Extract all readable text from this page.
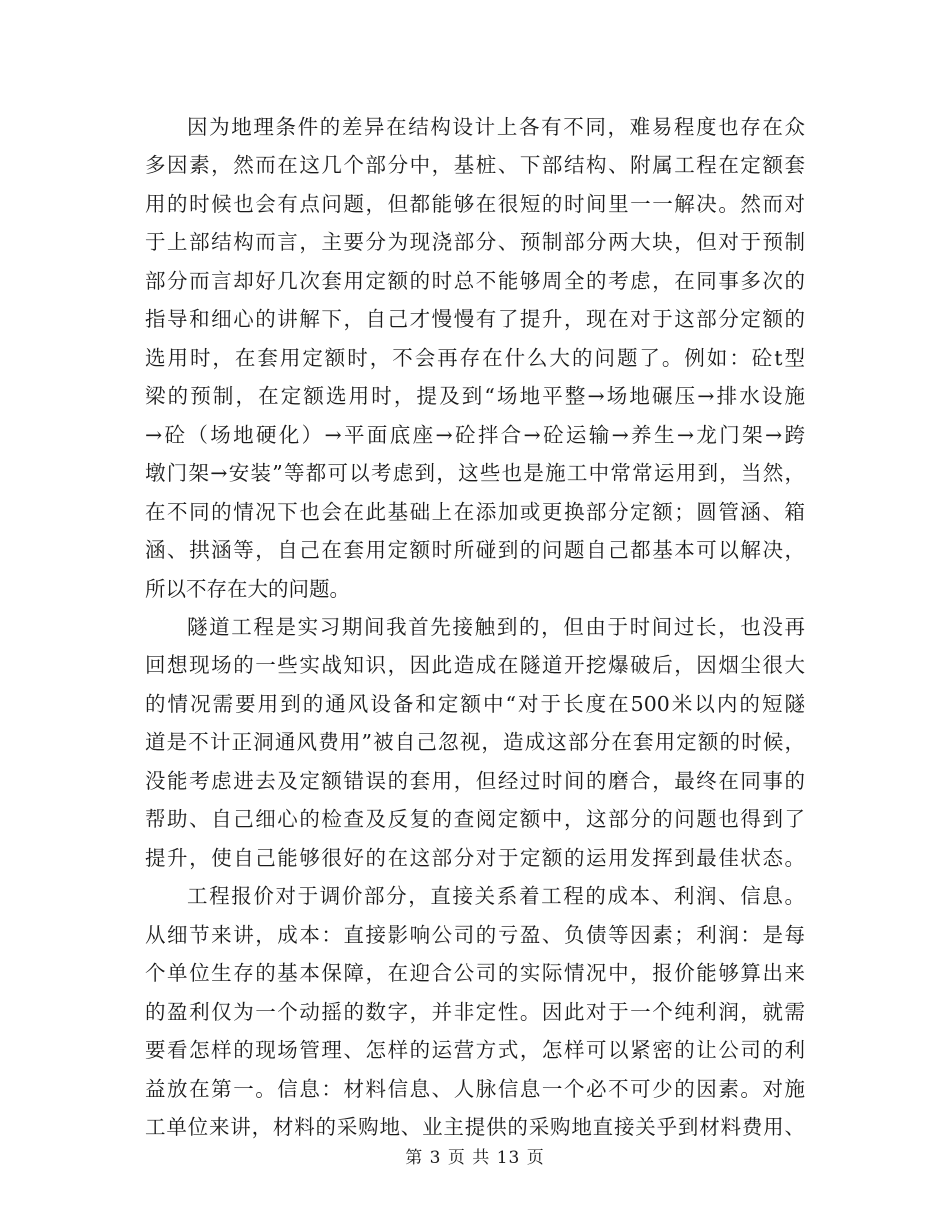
因为地理条件的差异在结构设计上各有不同，难易程度也存在众
多因素，然而在这几个部分中，基桩、下部结构、附属工程在定额套
用的时候也会有点问题，但都能够在很短的时间里一一解决。然而对
于上部结构而言，主要分为现浇部分、预制部分两大块，但对于预制
部分而言却好几次套用定额的时总不能够周全的考虑，在同事多次的
指导和细心的讲解下，自己才慢慢有了提升，现在对于这部分定额的
选用时，在套用定额时，不会再存在什么大的问题了。例如：砼t型
梁的预制，在定额选用时，提及到“场地平整→场地碾压→排水设施
→砼（场地硬化）→平面底座→砼拌合→砼运输→养生→龙门架→跨
墩门架→安装”等都可以考虑到，这些也是施工中常常运用到，当然，
在不同的情况下也会在此基础上在添加或更换部分定额；圆管涵、箱
涵、拱涵等，自己在套用定额时所碰到的问题自己都基本可以解决，
所以不存在大的问题。
隧道工程是实习期间我首先接触到的，但由于时间过长，也没再
回想现场的一些实战知识，因此造成在隧道开挖爆破后，因烟尘很大
的情况需要用到的通风设备和定额中“对于长度在500米以内的短隧
道是不计正洞通风费用”被自己忽视，造成这部分在套用定额的时候，
没能考虑进去及定额错误的套用，但经过时间的磨合，最终在同事的
帮助、自己细心的检查及反复的查阅定额中，这部分的问题也得到了
提升，使自己能够很好的在这部分对于定额的运用发挥到最佳状态。
工程报价对于调价部分，直接关系着工程的成本、利润、信息。
从细节来讲，成本：直接影响公司的亏盈、负债等因素；利润：是每
个单位生存的基本保障，在迎合公司的实际情况中，报价能够算出来
的盈利仅为一个动摇的数字，并非定性。因此对于一个纯利润，就需
要看怎样的现场管理、怎样的运营方式，怎样可以紧密的让公司的利
益放在第一。信息：材料信息、人脉信息一个必不可少的因素。对施
工单位来讲，材料的采购地、业主提供的采购地直接关乎到材料费用、
第 3 页 共 13 页
